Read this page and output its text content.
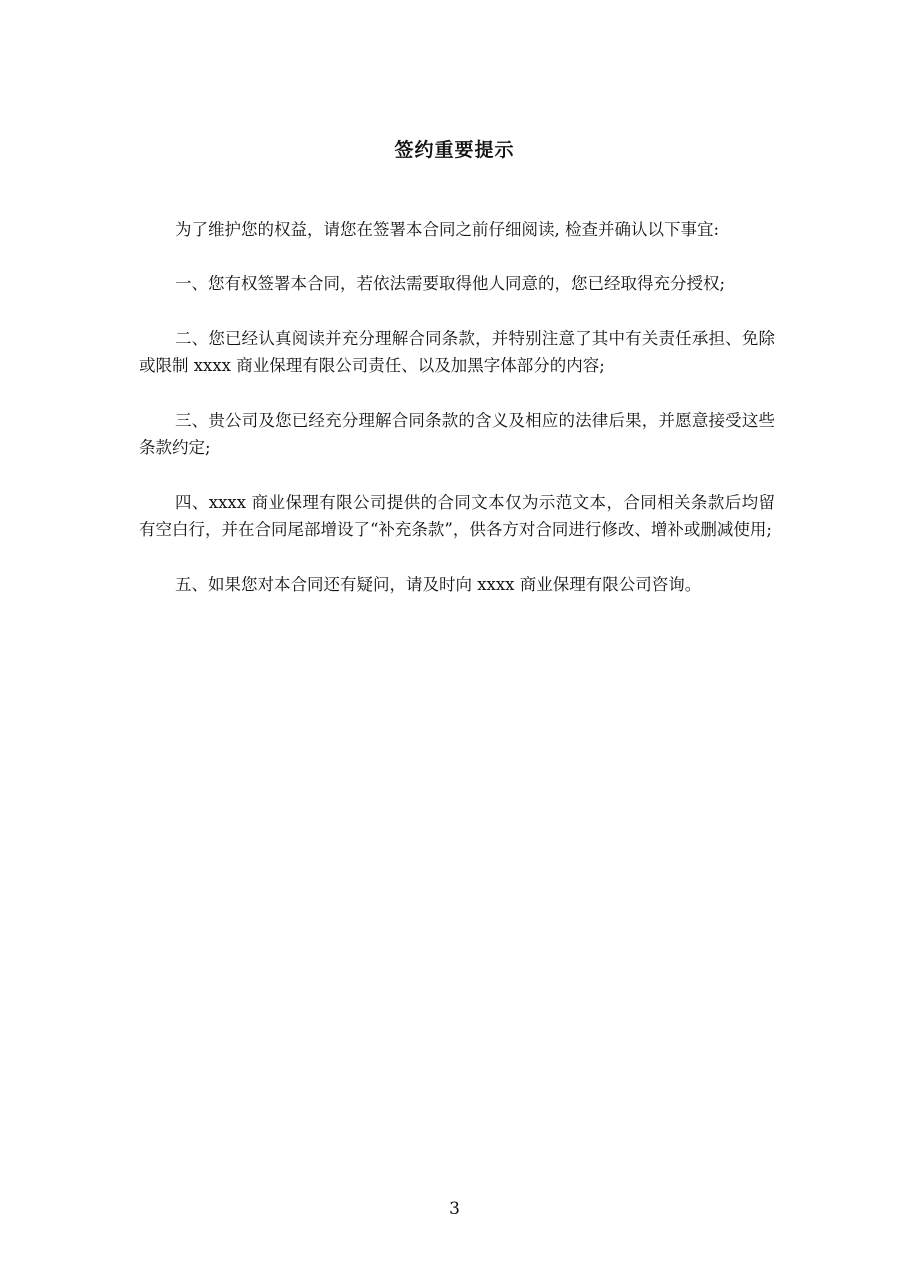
签约重要提示

为了维护您的权益，请您在签署本合同之前仔细阅读, 检查并确认以下事宜:

一、您有权签署本合同，若依法需要取得他人同意的，您已经取得充分授权;

二、您已经认真阅读并充分理解合同条款，并特别注意了其中有关责任承担、免除或限制 xxxx 商业保理有限公司责任、以及加黑字体部分的内容;

三、贵公司及您已经充分理解合同条款的含义及相应的法律后果，并愿意接受这些条款约定;

四、xxxx 商业保理有限公司提供的合同文本仅为示范文本，合同相关条款后均留有空白行，并在合同尾部增设了“补充条款”，供各方对合同进行修改、增补或删减使用;

五、如果您对本合同还有疑问，请及时向 xxxx 商业保理有限公司咨询。

3
